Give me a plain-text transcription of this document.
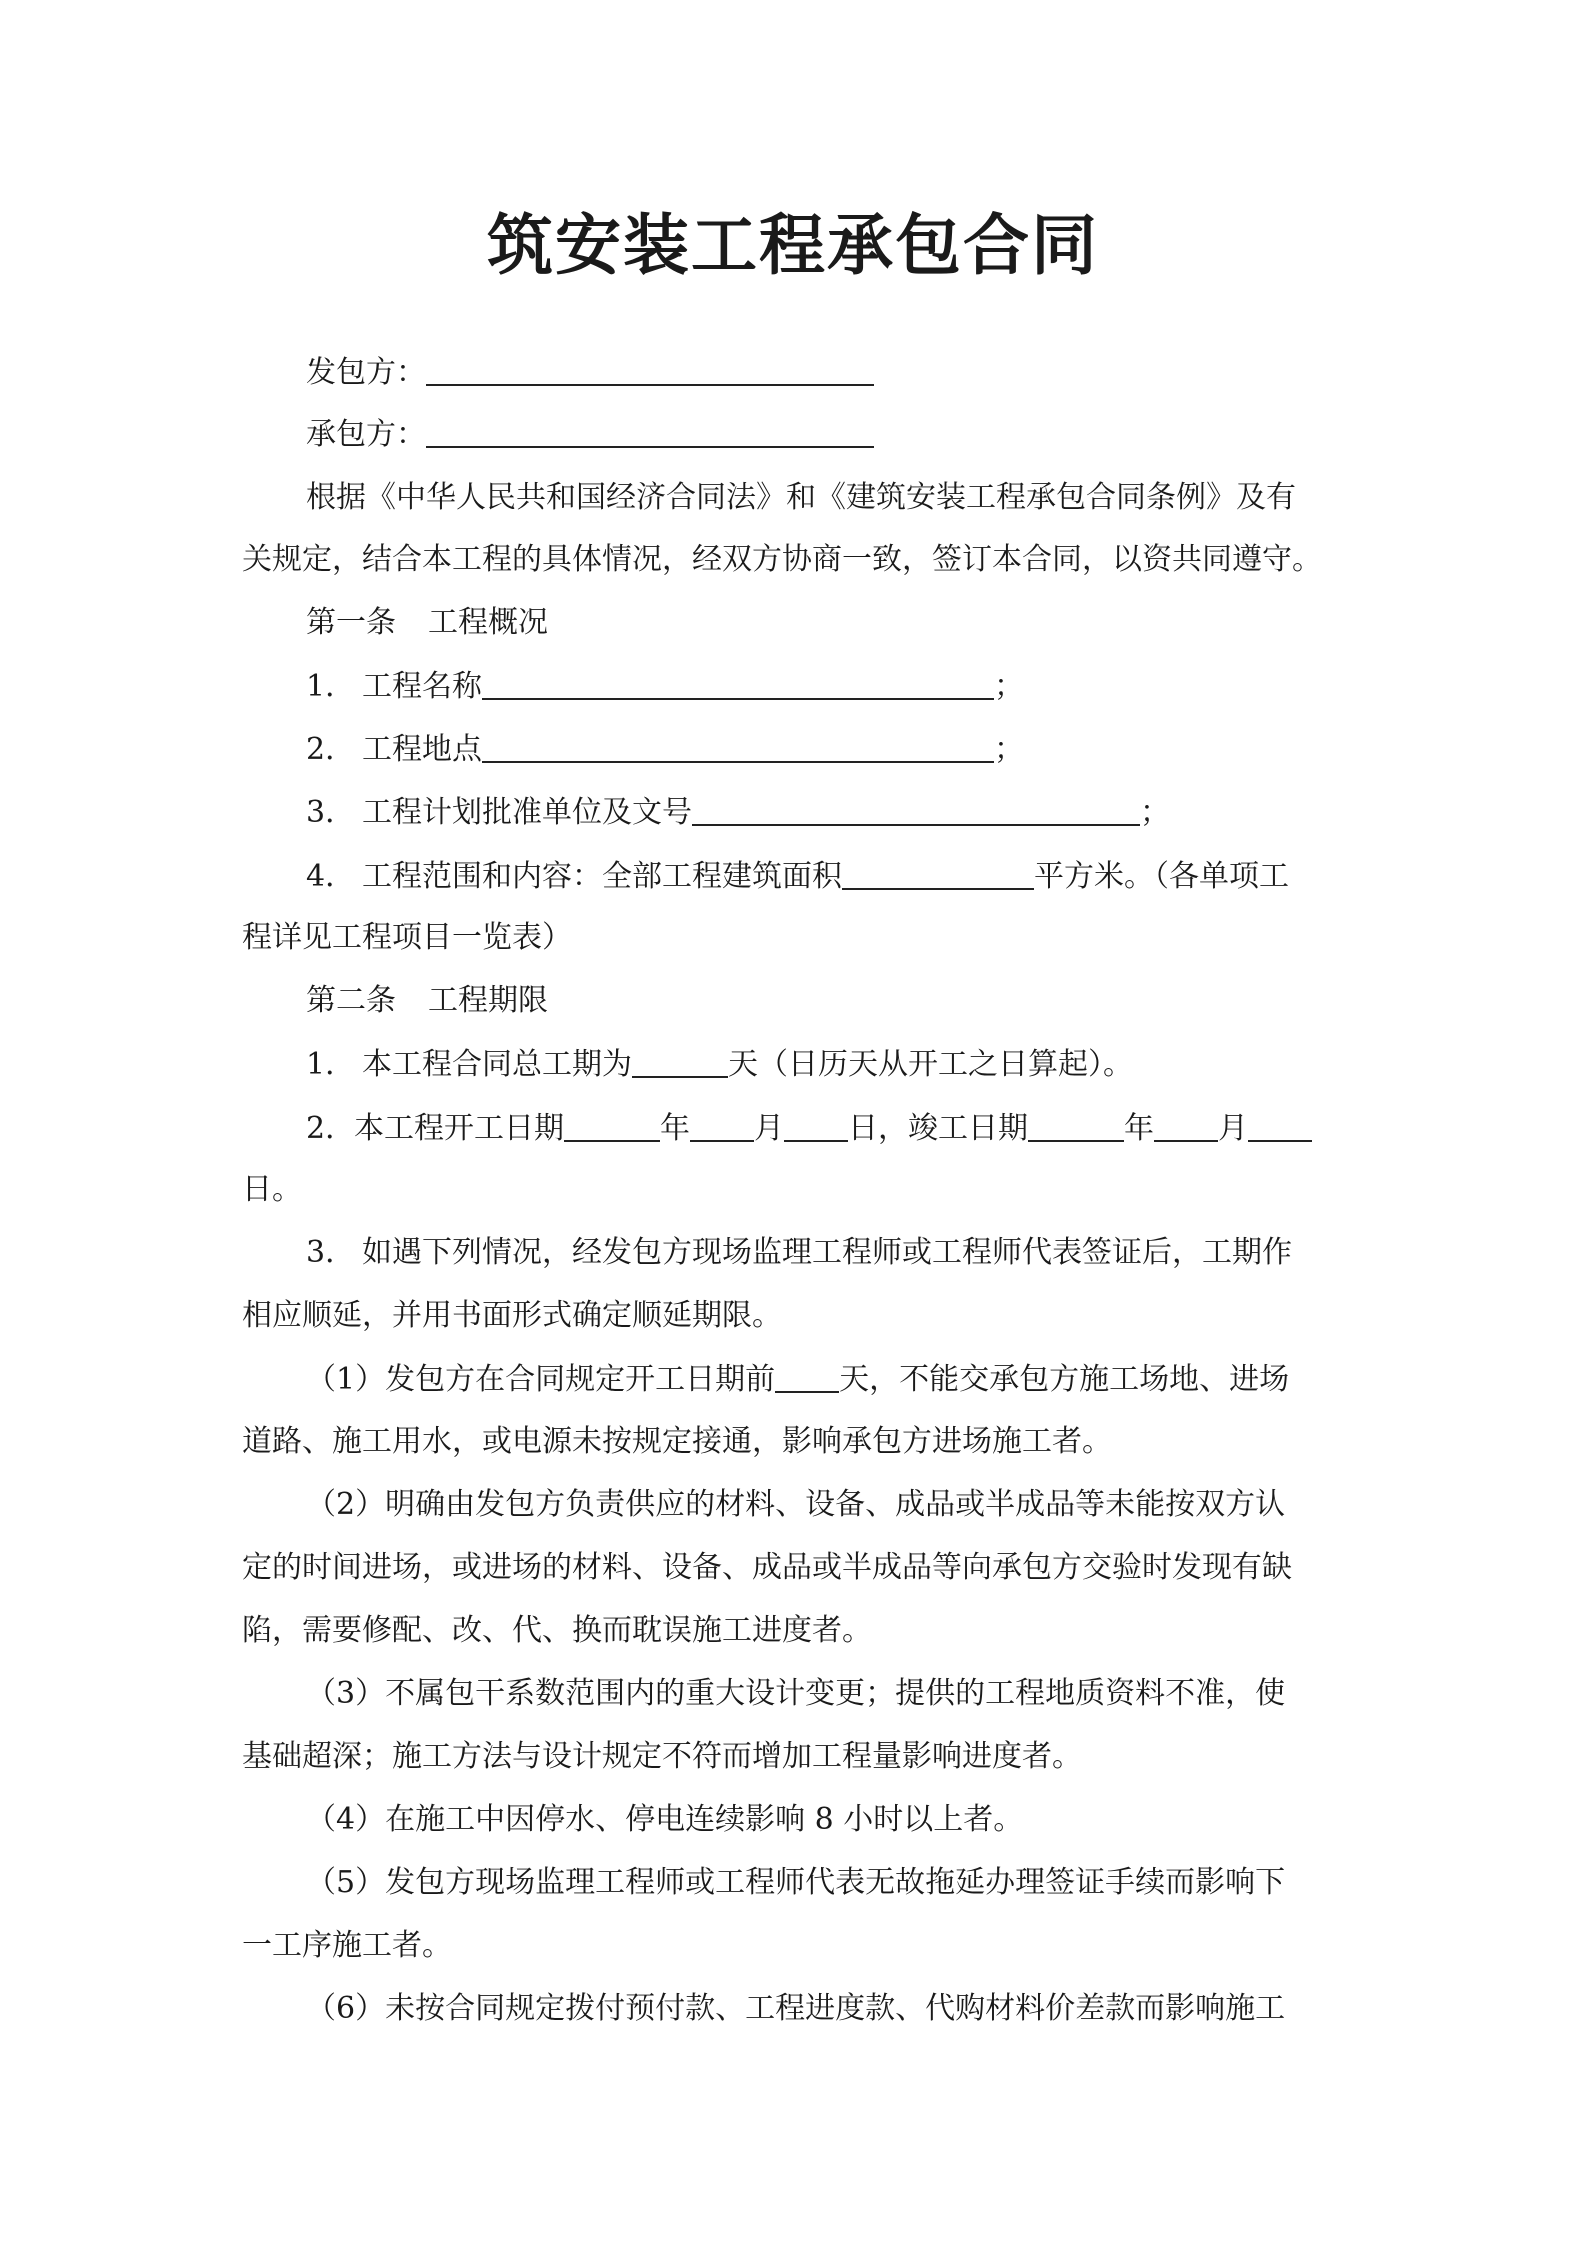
筑安装工程承包合同
发包方：
承包方：
根据《中华人民共和国经济合同法》和《建筑安装工程承包合同条例》及有
关规定，结合本工程的具体情况，经双方协商一致，签订本合同，以资共同遵守。
第一条 工程概况
1． 工程名称	；
2． 工程地点	；
3． 工程计划批准单位及文号	；
4． 工程范围和内容：全部工程建筑面积	平方米。（各单项工
程详见工程项目一览表）
第二条 工程期限
1． 本工程合同总工期为	天（日历天从开工之日算起）。
2．本工程开工日期	年 月 日，竣工日期	年 月
日。
3． 如遇下列情况，经发包方现场监理工程师或工程师代表签证后，工期作
相应顺延，并用书面形式确定顺延期限。
（1）发包方在合同规定开工日期前 天，不能交承包方施工场地、进场
道路、施工用水，或电源未按规定接通，影响承包方进场施工者。
（2）明确由发包方负责供应的材料、设备、成品或半成品等未能按双方认
定的时间进场，或进场的材料、设备、成品或半成品等向承包方交验时发现有缺
陷，需要修配、改、代、换而耽误施工进度者。
（3）不属包干系数范围内的重大设计变更；提供的工程地质资料不准，使
基础超深；施工方法与设计规定不符而增加工程量影响进度者。
（4）在施工中因停水、停电连续影响 8 小时以上者。
（5）发包方现场监理工程师或工程师代表无故拖延办理签证手续而影响下
一工序施工者。
（6）未按合同规定拨付预付款、工程进度款、代购材料价差款而影响施工
